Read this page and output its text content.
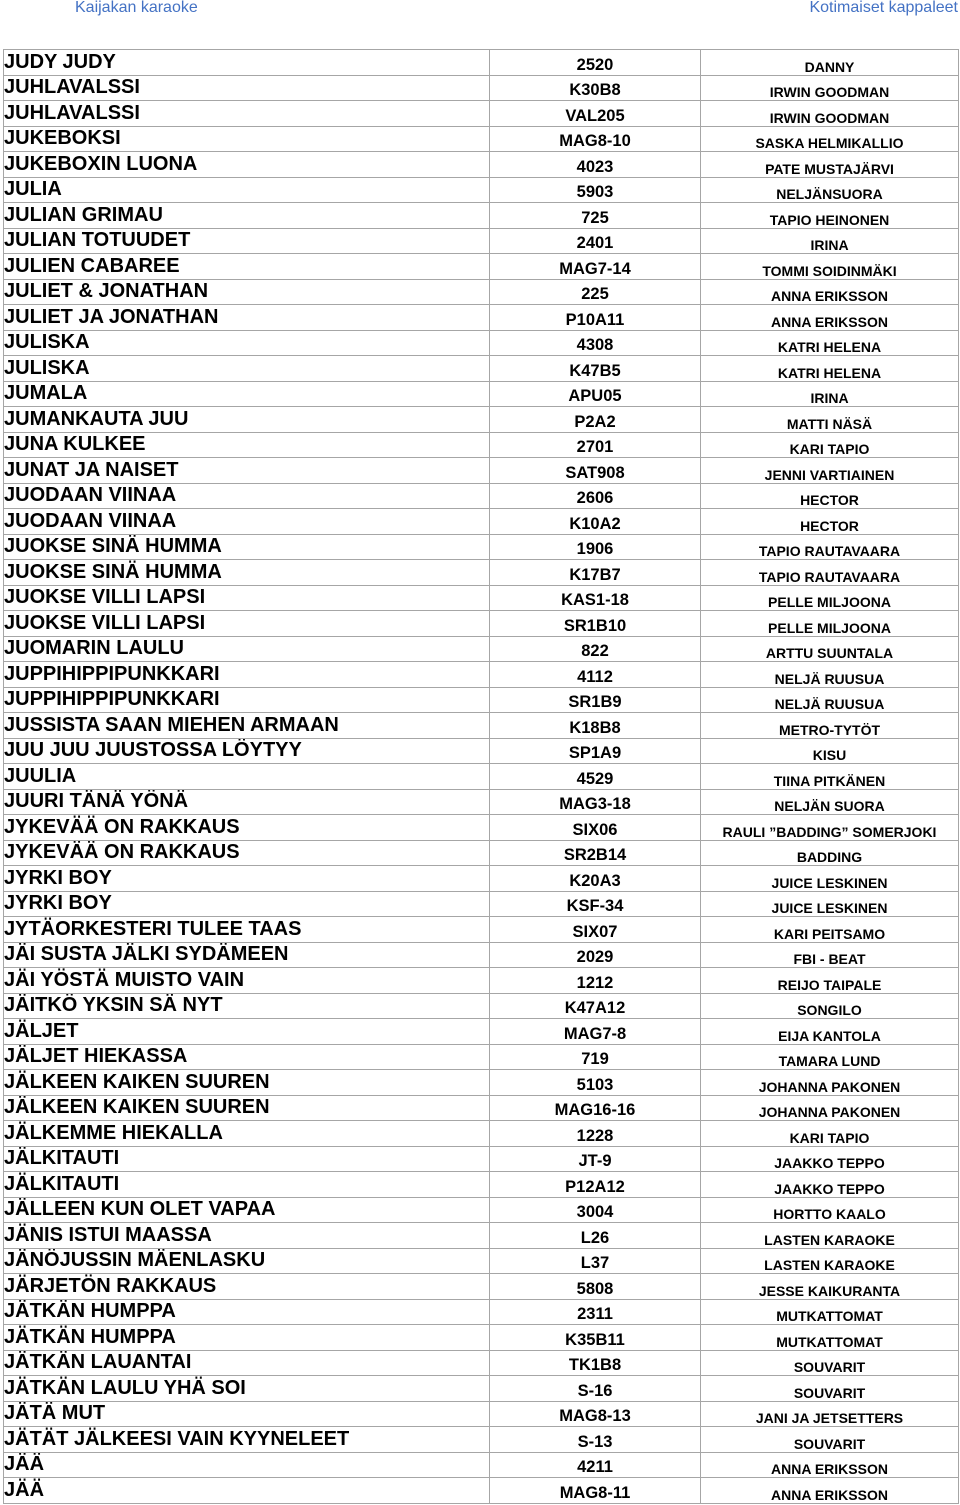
Kaijakan karaoke	Kotimaiset kappaleet
JUDY JUDY	2520	DANNY
JUHLAVALSSI	K30B8	IRWIN GOODMAN
JUHLAVALSSI	VAL205	IRWIN GOODMAN
JUKEBOKSI	MAG8-10	SASKA HELMIKALLIO
JUKEBOXIN LUONA	4023	PATE MUSTAJÄRVI
JULIA	5903	NELJÄNSUORA
JULIAN GRIMAU	725	TAPIO HEINONEN
JULIAN TOTUUDET	2401	IRINA
JULIEN CABAREE	MAG7-14	TOMMI SOIDINMÄKI
JULIET & JONATHAN	225	ANNA ERIKSSON
JULIET JA JONATHAN	P10A11	ANNA ERIKSSON
JULISKA	4308	KATRI HELENA
JULISKA	K47B5	KATRI HELENA
JUMALA	APU05	IRINA
JUMANKAUTA JUU	P2A2	MATTI NÄSÄ
JUNA KULKEE	2701	KARI TAPIO
JUNAT JA NAISET	SAT908	JENNI VARTIAINEN
JUODAAN VIINAA	2606	HECTOR
JUODAAN VIINAA	K10A2	HECTOR
JUOKSE SINÄ HUMMA	1906	TAPIO RAUTAVAARA
JUOKSE SINÄ HUMMA	K17B7	TAPIO RAUTAVAARA
JUOKSE VILLI LAPSI	KAS1-18	PELLE MILJOONA
JUOKSE VILLI LAPSI	SR1B10	PELLE MILJOONA
JUOMARIN LAULU	822	ARTTU SUUNTALA
JUPPIHIPPIPUNKKARI	4112	NELJÄ RUUSUA
JUPPIHIPPIPUNKKARI	SR1B9	NELJÄ RUUSUA
JUSSISTA SAAN MIEHEN ARMAAN	K18B8	METRO-TYTÖT
JUU JUU JUUSTOSSA LÖYTYY	SP1A9	KISU
JUULIA	4529	TIINA PITKÄNEN
JUURI TÄNÄ YÖNÄ	MAG3-18	NELJÄN SUORA
JYKEVÄÄ ON RAKKAUS	SIX06	RAULI ”BADDING” SOMERJOKI
JYKEVÄÄ ON RAKKAUS	SR2B14	BADDING
JYRKI BOY	K20A3	JUICE LESKINEN
JYRKI BOY	KSF-34	JUICE LESKINEN
JYTÄORKESTERI TULEE TAAS	SIX07	KARI PEITSAMO
JÄI SUSTA JÄLKI SYDÄMEEN	2029	FBI - BEAT
JÄI YÖSTÄ MUISTO VAIN	1212	REIJO TAIPALE
JÄITKÖ YKSIN SÄ NYT	K47A12	SONGILO
JÄLJET	MAG7-8	EIJA KANTOLA
JÄLJET HIEKASSA	719	TAMARA LUND
JÄLKEEN KAIKEN SUUREN	5103	JOHANNA PAKONEN
JÄLKEEN KAIKEN SUUREN	MAG16-16	JOHANNA PAKONEN
JÄLKEMME HIEKALLA	1228	KARI TAPIO
JÄLKITAUTI	JT-9	JAAKKO TEPPO
JÄLKITAUTI	P12A12	JAAKKO TEPPO
JÄLLEEN KUN OLET VAPAA	3004	HORTTO KAALO
JÄNIS ISTUI MAASSA	L26	LASTEN KARAOKE
JÄNÖJUSSIN MÄENLASKU	L37	LASTEN KARAOKE
JÄRJETÖN RAKKAUS	5808	JESSE KAIKURANTA
JÄTKÄN HUMPPA	2311	MUTKATTOMAT
JÄTKÄN HUMPPA	K35B11	MUTKATTOMAT
JÄTKÄN LAUANTAI	TK1B8	SOUVARIT
JÄTKÄN LAULU YHÄ SOI	S-16	SOUVARIT
JÄTÄ MUT	MAG8-13	JANI JA JETSETTERS
JÄTÄT JÄLKEESI VAIN KYYNELEET	S-13	SOUVARIT
JÄÄ	4211	ANNA ERIKSSON
JÄÄ	MAG8-11	ANNA ERIKSSON
